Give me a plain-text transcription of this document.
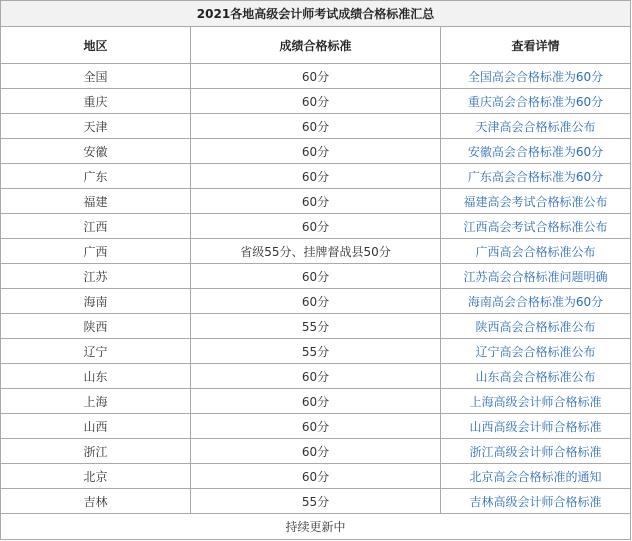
2021各地高级会计师考试成绩合格标准汇总		
地区	成绩合格标准	查看详情
全国	60分	全国高会合格标准为60分
重庆	60分	重庆高会合格标准为60分
天津	60分	天津高会合格标准公布
安徽	60分	安徽高会合格标准为60分
广东	60分	广东高会合格标准为60分
福建	60分	福建高会考试合格标准公布
江西	60分	江西高会考试合格标准公布
广西	省级55分、挂牌督战县50分	广西高会合格标准公布
江苏	60分	江苏高会合格标准问题明确
海南	60分	海南高会合格标准为60分
陕西	55分	陕西高会合格标准公布
辽宁	55分	辽宁高会合格标准公布
山东	60分	山东高会合格标准公布
上海	60分	上海高级会计师合格标准
山西	60分	山西高级会计师合格标准
浙江	60分	浙江高级会计师合格标准
北京	60分	北京高会合格标准的通知
吉林	55分	吉林高级会计师合格标准
持续更新中		
